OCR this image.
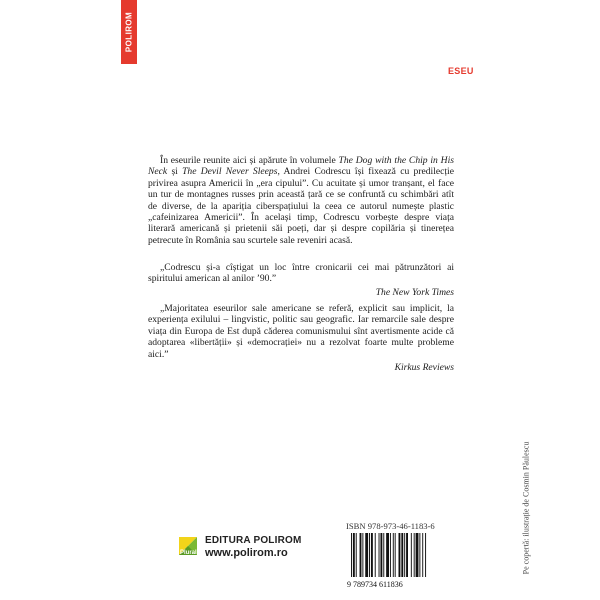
POLIROM
ESEU

În eseurile reunite aici și apărute în volumele The Dog with the Chip in His Neck și The Devil Never Sleeps, Andrei Codrescu își fixează cu predilecție privirea asupra Americii în „era cipului”. Cu acuitate și umor tranșant, el face un tur de montagnes russes prin această țară ce se confruntă cu schimbări atît de diverse, de la apariția ciberspațiului la ceea ce autorul numește plastic „cafeinizarea Americii”. În același timp, Codrescu vorbește despre viața literară americană și prietenii săi poeți, dar și despre copilăria și tinerețea petrecute în România sau scurtele sale reveniri acasă.

„Codrescu și-a cîștigat un loc între cronicarii cei mai pătrunzători ai spiritului american al anilor ’90.”

The New York Times

„Majoritatea eseurilor sale americane se referă, explicit sau implicit, la experiența exilului – lingvistic, politic sau geografic. Iar remarcile sale despre viața din Europa de Est după căderea comunismului sînt avertismente acide că adoptarea «libertății» și «democrației» nu a rezolvat foarte multe probleme aici.”

Kirkus Reviews
Plural
EDITURA POLIROM
www.polirom.ro
ISBN 978-973-46-1183-6
9 789734 611836
Pe copertă: ilustrație de Cosmin Păulescu
